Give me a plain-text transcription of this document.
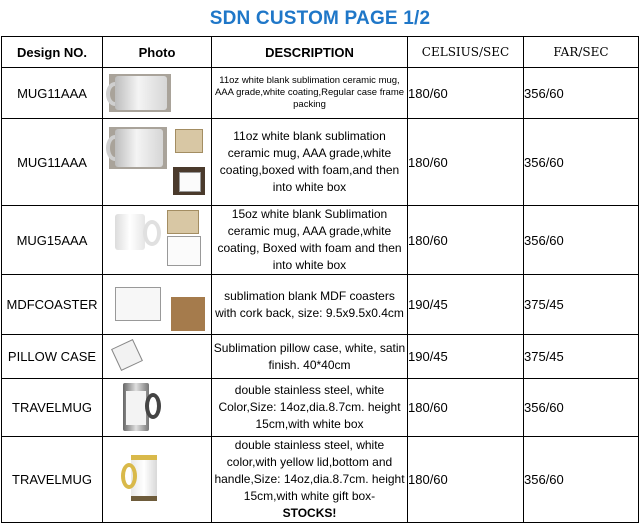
SDN CUSTOM PAGE 1/2
Design NO.	Photo	DESCRIPTION	CELSIUS/SEC	FAR/SEC
MUG11AAA		11oz white blank sublimation ceramic mug, AAA grade,white coating,Regular case frame packing	180/60	356/60
MUG11AAA		11oz white blank sublimation ceramic mug, AAA grade,white coating,boxed with foam,and then into white box	180/60	356/60
MUG15AAA		15oz white blank Sublimation ceramic mug, AAA grade,white coating, Boxed with foam and then into white box	180/60	356/60
MDFCOASTER		sublimation blank MDF coasters with cork back, size: 9.5x9.5x0.4cm	190/45	375/45
PILLOW CASE		Sublimation pillow case, white, satin finish. 40*40cm	190/45	375/45
TRAVELMUG		double stainless steel, white Color,Size: 14oz,dia.8.7cm. height 15cm,with white box	180/60	356/60
TRAVELMUG		double stainless steel, white color,with yellow lid,bottom and handle,Size: 14oz,dia.8.7cm. height 15cm,with white gift box-
STOCKS!	180/60	356/60
